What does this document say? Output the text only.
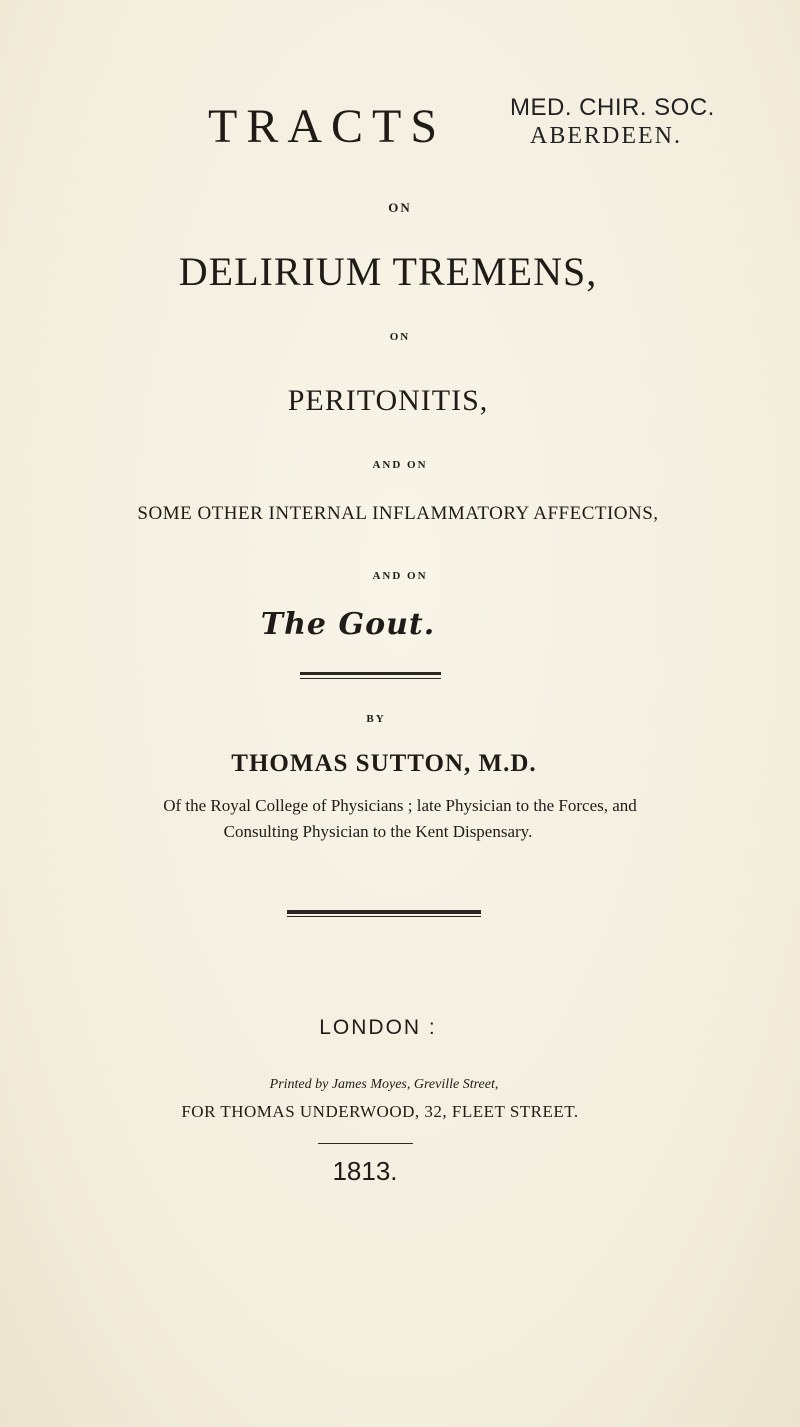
TRACTS	MED. CHIR. SOC.
ABERDEEN.
ON
DELIRIUM TREMENS,
ON
PERITONITIS,
AND ON
SOME OTHER INTERNAL INFLAMMATORY AFFECTIONS,
AND ON
The Gout.
BY
THOMAS SUTTON, M.D.
Of the Royal College of Physicians ; late Physician to the Forces, and
Consulting Physician to the Kent Dispensary.
LONDON :
Printed by James Moyes, Greville Street,
FOR THOMAS UNDERWOOD, 32, FLEET STREET.
1813.
